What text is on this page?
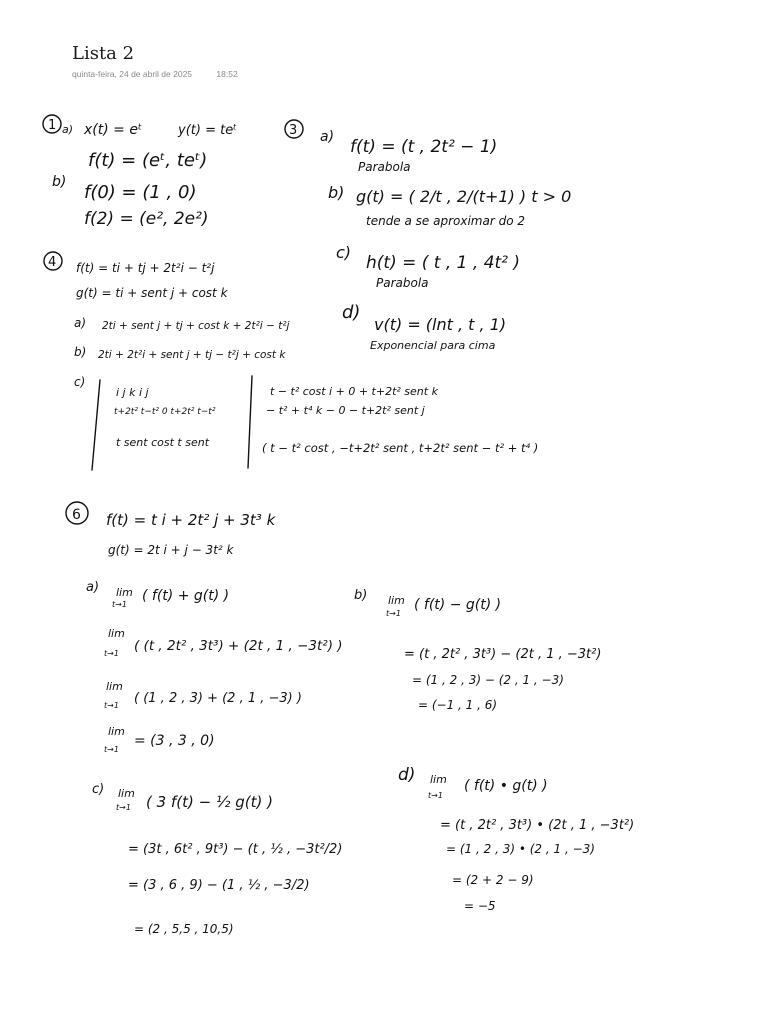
Lista 2
quinta-feira, 24 de abril de 2025	18:52
1 a) x(t) = eᵗ	y(t) = teᵗ
f(t) = (eᵗ, teᵗ)
b) f(0) = (1 , 0)
f(2) = (e², 2e²)
3 a) f(t) = (t , 2t² − 1)
Parabola
b) g(t) = ( 2/t , 2/(t+1) ) t > 0
tende a se aproximar do 2
c)
h(t) = ( t , 1 , 4t² )
Parabola
d)
v(t) = (lnt , t , 1)
Exponencial para cima
4 f(t) = ti + tj + 2t²i − t²j
g(t) = ti + sent j + cost k
a) 2ti + sent j + tj + cost k + 2t²i − t²j
b) 2ti + 2t²i + sent j + tj − t²j + cost k
c)
i j k i j
t+2t² t−t² 0 t+2t² t−t²
t sent cost t sent
t − t² cost i + 0 + t+2t² sent k
− t² + t⁴ k − 0 − t+2t² sent j
( t − t² cost , −t+2t² sent , t+2t² sent − t² + t⁴ )
6 f(t) = t i + 2t² j + 3t³ k
g(t) = 2t i + j − 3t² k
a) lim
t→1
( f(t) + g(t) )
lim
t→1 ( (t , 2t² , 3t³) + (2t , 1 , −3t²) )
lim
t→1 ( (1 , 2 , 3) + (2 , 1 , −3) )
lim
t→1
= (3 , 3 , 0)
b) lim
t→1
( f(t) − g(t) )
= (t , 2t² , 3t³) − (2t , 1 , −3t²)
= (1 , 2 , 3) − (2 , 1 , −3)
= (−1 , 1 , 6)
c) lim
t→1 ( 3 f(t) − ½ g(t) )
= (3t , 6t² , 9t³) − (t , ½ , −3t²/2)
= (3 , 6 , 9) − (1 , ½ , −3/2)
= (2 , 5,5 , 10,5)
d) lim
t→1
( f(t) • g(t) )
= (t , 2t² , 3t³) • (2t , 1 , −3t²)
= (1 , 2 , 3) • (2 , 1 , −3)
= (2 + 2 − 9)
= −5
